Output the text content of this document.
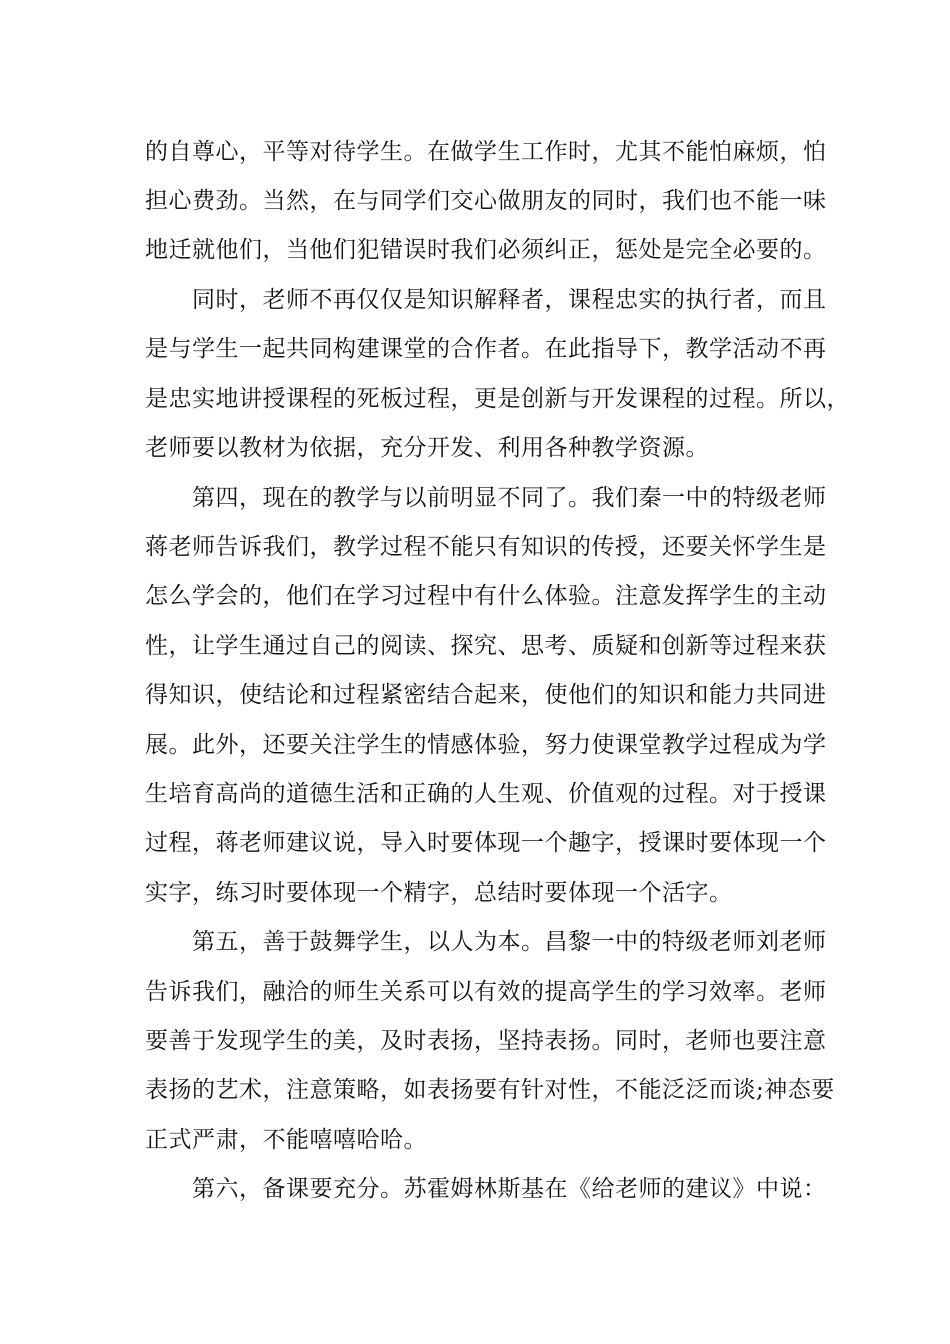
的自尊心，平等对待学生。在做学生工作时，尤其不能怕麻烦，怕
担心费劲。当然，在与同学们交心做朋友的同时，我们也不能一味
地迁就他们，当他们犯错误时我们必须纠正，惩处是完全必要的。
同时，老师不再仅仅是知识解释者，课程忠实的执行者，而且
是与学生一起共同构建课堂的合作者。在此指导下，教学活动不再
是忠实地讲授课程的死板过程，更是创新与开发课程的过程。所以，
老师要以教材为依据，充分开发、利用各种教学资源。
第四，现在的教学与以前明显不同了。我们秦一中的特级老师
蒋老师告诉我们，教学过程不能只有知识的传授，还要关怀学生是
怎么学会的，他们在学习过程中有什么体验。注意发挥学生的主动
性，让学生通过自己的阅读、探究、思考、质疑和创新等过程来获
得知识，使结论和过程紧密结合起来，使他们的知识和能力共同进
展。此外，还要关注学生的情感体验，努力使课堂教学过程成为学
生培育高尚的道德生活和正确的人生观、价值观的过程。对于授课
过程，蒋老师建议说，导入时要体现一个趣字，授课时要体现一个
实字，练习时要体现一个精字，总结时要体现一个活字。
第五，善于鼓舞学生，以人为本。昌黎一中的特级老师刘老师
告诉我们，融洽的师生关系可以有效的提高学生的学习效率。老师
要善于发现学生的美，及时表扬，坚持表扬。同时，老师也要注意
表扬的艺术，注意策略，如表扬要有针对性，不能泛泛而谈;神态要
正式严肃，不能嘻嘻哈哈。
第六，备课要充分。苏霍姆林斯基在《给老师的建议》中说：
